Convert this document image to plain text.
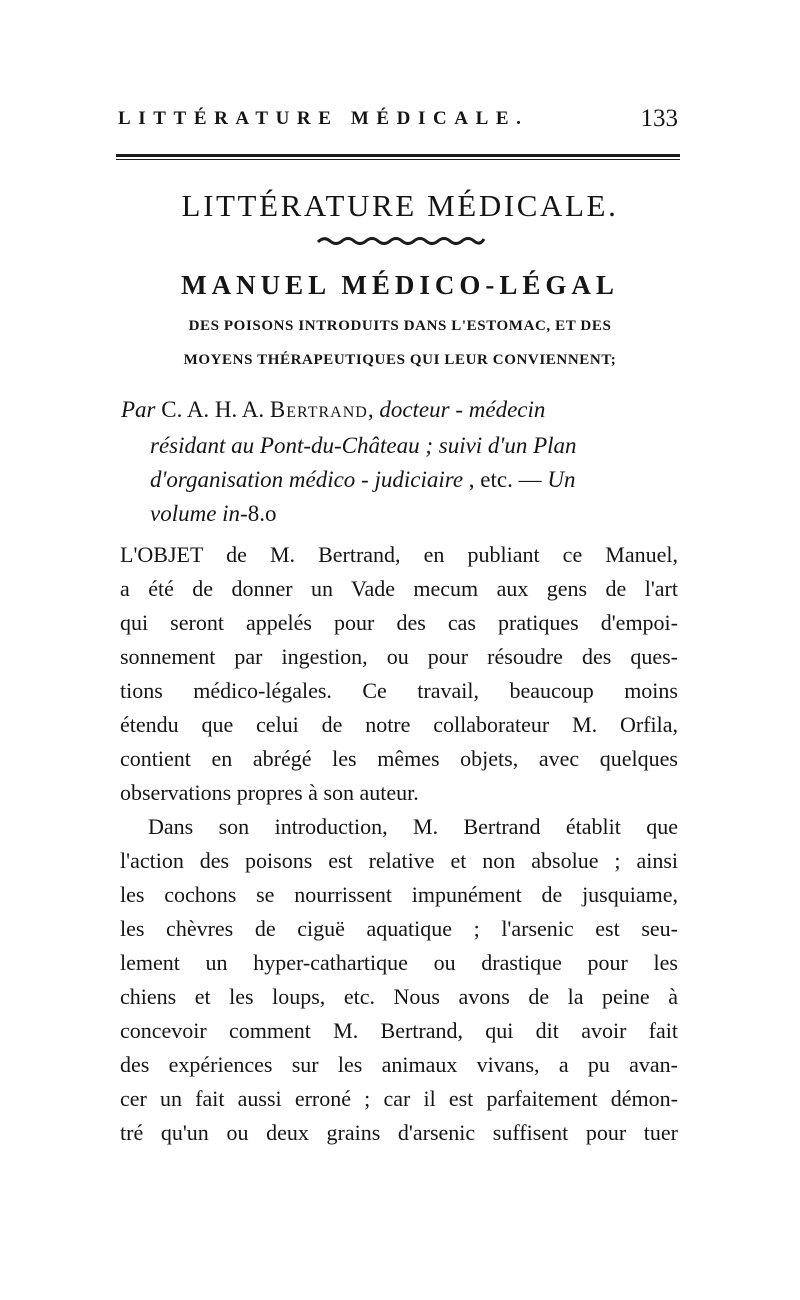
LITTÉRATURE MÉDICALE.	133
LITTÉRATURE MÉDICALE.
MANUEL MÉDICO-LÉGAL
DES POISONS INTRODUITS DANS L'ESTOMAC, ET DES
MOYENS THÉRAPEUTIQUES QUI LEUR CONVIENNENT;
Par C. A. H. A. Bertrand, docteur - médecin
résidant au Pont-du-Château ; suivi d'un Plan
d'organisation médico - judiciaire , etc. — Un
volume in-8.o
L'OBJET de M. Bertrand, en publiant ce Manuel,
a été de donner un Vade mecum aux gens de l'art
qui seront appelés pour des cas pratiques d'empoi-
sonnement par ingestion, ou pour résoudre des ques-
tions médico-légales. Ce travail, beaucoup moins
étendu que celui de notre collaborateur M. Orfila,
contient en abrégé les mêmes objets, avec quelques
observations propres à son auteur.
Dans son introduction, M. Bertrand établit que
l'action des poisons est relative et non absolue ; ainsi
les cochons se nourrissent impunément de jusquiame,
les chèvres de ciguë aquatique ; l'arsenic est seu-
lement un hyper-cathartique ou drastique pour les
chiens et les loups, etc. Nous avons de la peine à
concevoir comment M. Bertrand, qui dit avoir fait
des expériences sur les animaux vivans, a pu avan-
cer un fait aussi erroné ; car il est parfaitement démon-
tré qu'un ou deux grains d'arsenic suffisent pour tuer
